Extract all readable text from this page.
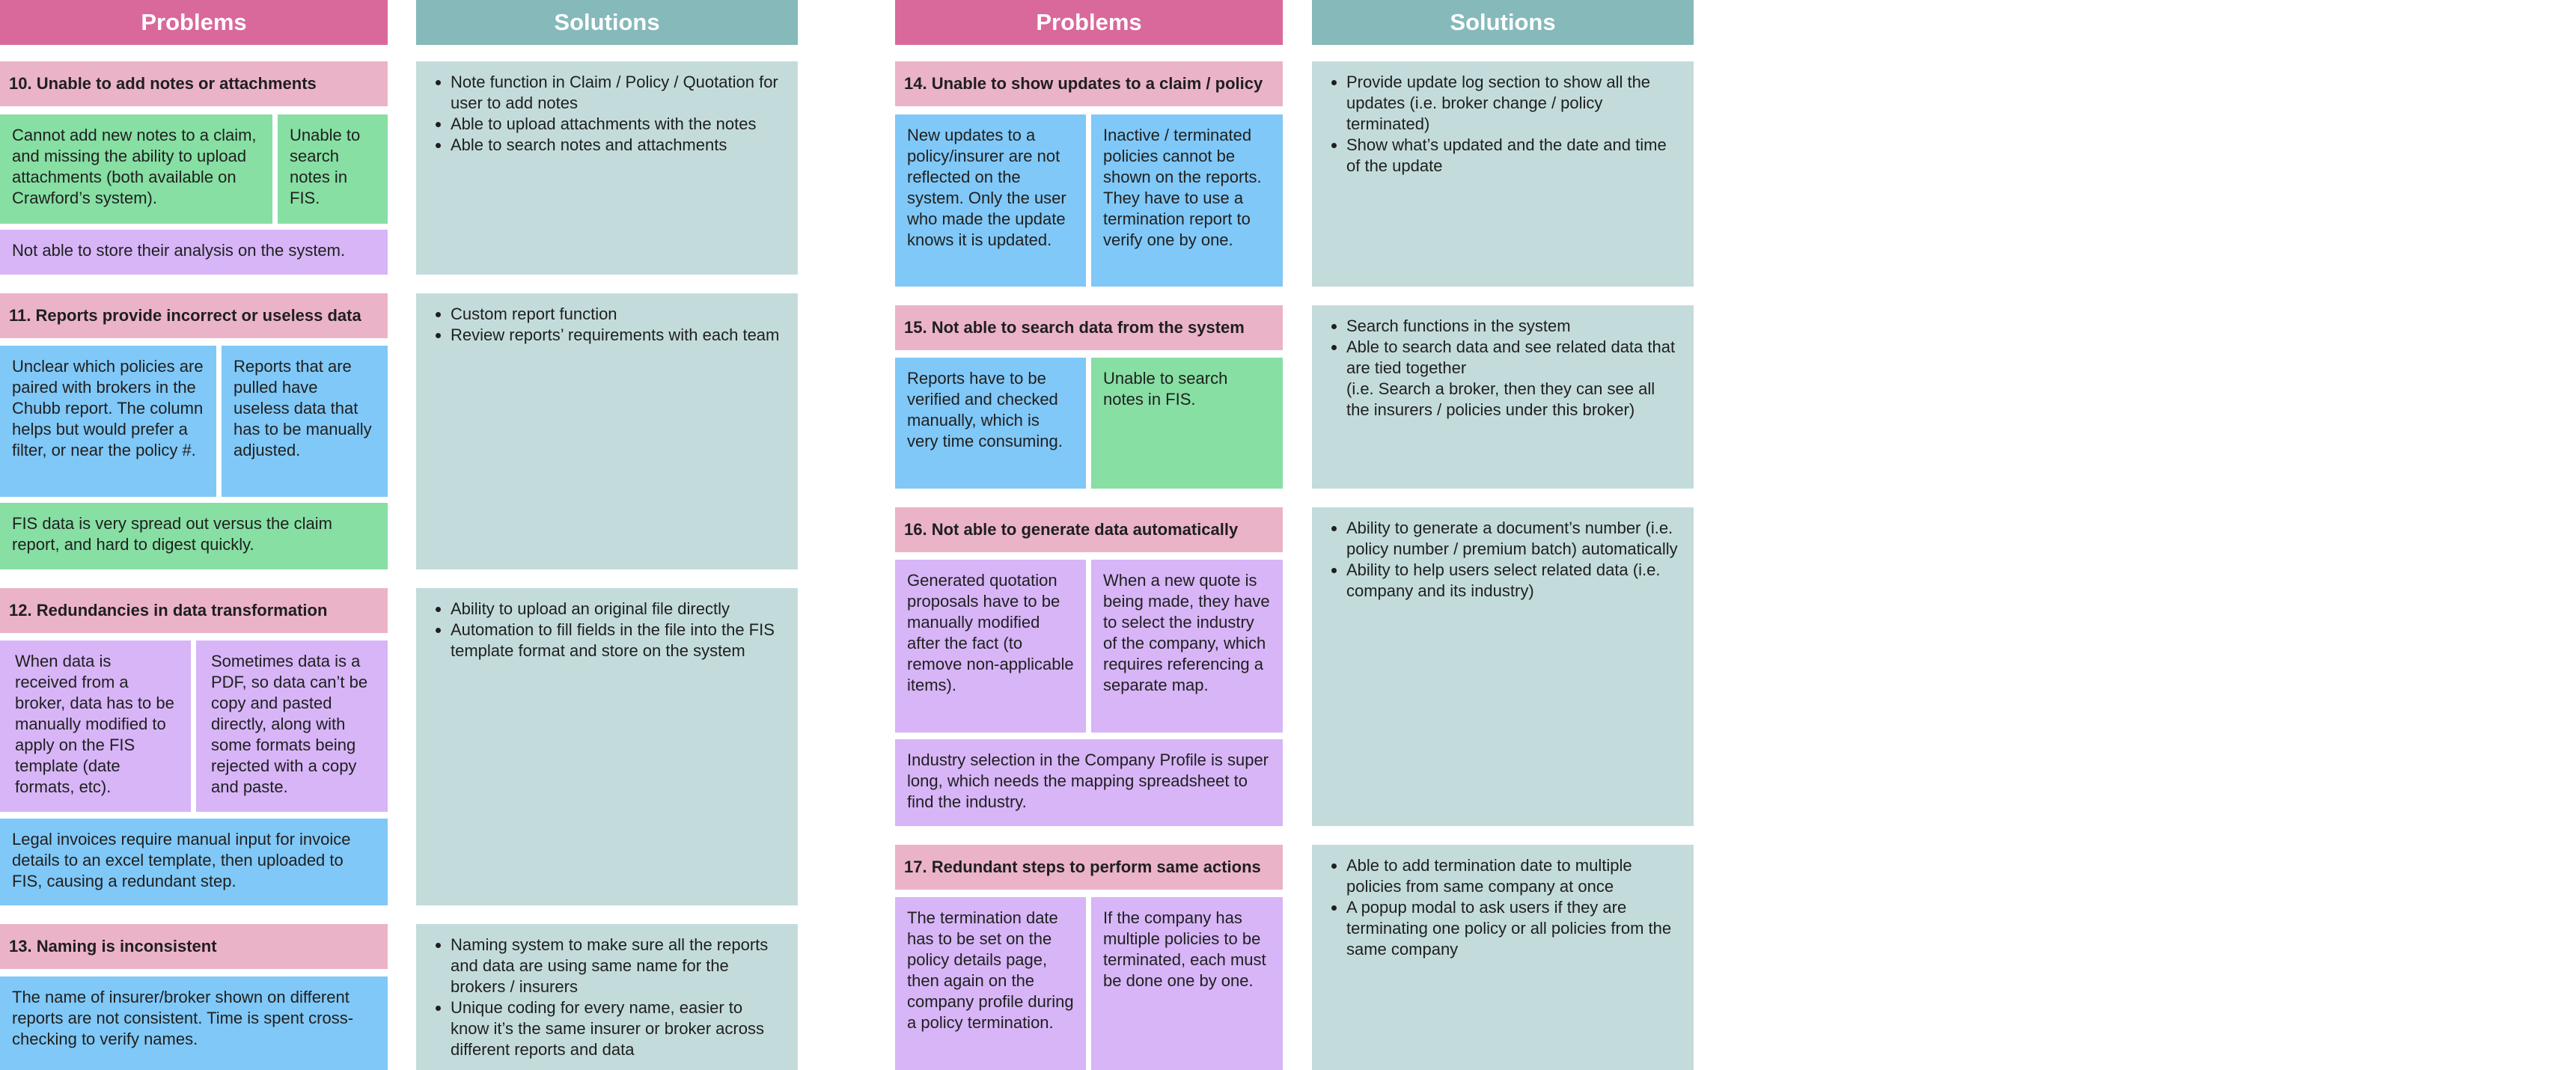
Problems	Solutions	Problems	Solutions
10. Unable to add notes or attachments
Cannot add new notes to a claim, and missing the ability to upload attachments (both available on Crawford’s system).
Unable to search notes in FIS.
Not able to store their analysis on the system.
• Note function in Claim / Policy / Quotation for user to add notes
• Able to upload attachments with the notes
• Able to search notes and attachments
11. Reports provide incorrect or useless data
Unclear which policies are paired with brokers in the Chubb report. The column helps but would prefer a filter, or near the policy #.
Reports that are pulled have useless data that has to be manually adjusted.
FIS data is very spread out versus the claim report, and hard to digest quickly.
• Custom report function
• Review reports’ requirements with each team
12. Redundancies in data transformation
When data is received from a broker, data has to be manually modified to apply on the FIS template (date formats, etc).
Sometimes data is a PDF, so data can’t be copy and pasted directly, along with some formats being rejected with a copy and paste.
Legal invoices require manual input for invoice details to an excel template, then uploaded to FIS, causing a redundant step.
• Ability to upload an original file directly
• Automation to fill fields in the file into the FIS template format and store on the system
13. Naming is inconsistent
The name of insurer/broker shown on different reports are not consistent. Time is spent cross-checking to verify names.
• Naming system to make sure all the reports and data are using same name for the brokers / insurers
• Unique coding for every name, easier to know it’s the same insurer or broker across different reports and data
14. Unable to show updates to a claim / policy
New updates to a policy/insurer are not reflected on the system. Only the user who made the update knows it is updated.
Inactive / terminated policies cannot be shown on the reports. They have to use a termination report to verify one by one.
• Provide update log section to show all the updates (i.e. broker change / policy terminated)
• Show what’s updated and the date and time of the update
15. Not able to search data from the system
Reports have to be verified and checked manually, which is very time consuming.
Unable to search notes in FIS.
• Search functions in the system
• Able to search data and see related data that are tied together
(i.e. Search a broker, then they can see all the insurers / policies under this broker)
16. Not able to generate data automatically
Generated quotation proposals have to be manually modified after the fact (to remove non-applicable items).
When a new quote is being made, they have to select the industry of the company, which requires referencing a separate map.
Industry selection in the Company Profile is super long, which needs the mapping spreadsheet to find the industry.
• Ability to generate a document’s number (i.e. policy number / premium batch) automatically
• Ability to help users select related data (i.e. company and its industry)
17. Redundant steps to perform same actions
The termination date has to be set on the policy details page, then again on the company profile during a policy termination.
If the company has multiple policies to be terminated, each must be done one by one.
• Able to add termination date to multiple policies from same company at once
• A popup modal to ask users if they are terminating one policy or all policies from the same company
